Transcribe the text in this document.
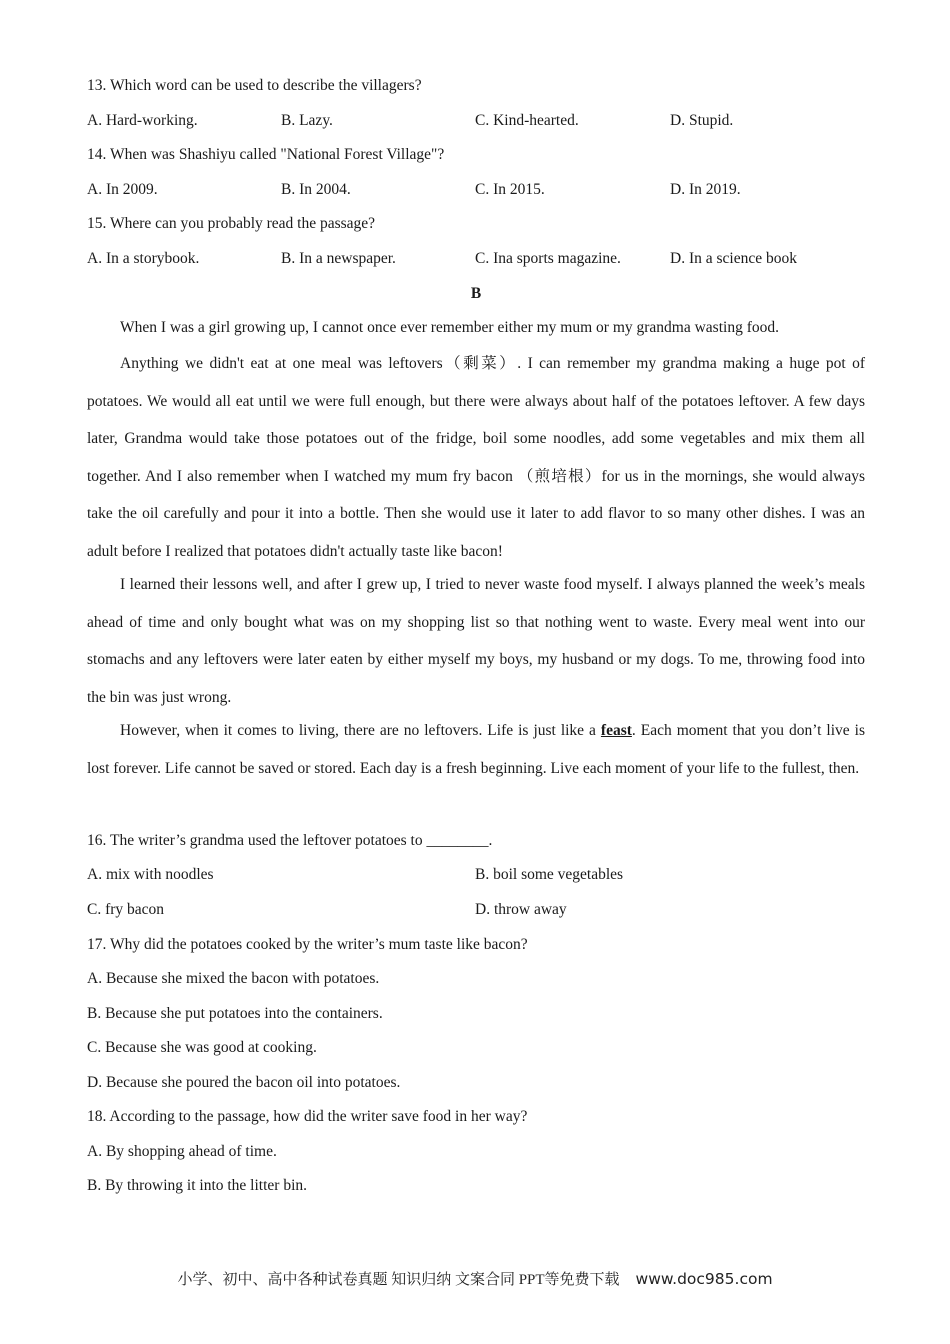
13. Which word can be used to describe the villagers?
A. Hard-working.	B. Lazy.	C. Kind-hearted.	D. Stupid.
14. When was Shashiyu called "National Forest Village"?
A. In 2009.	B. In 2004.	C. In 2015.	D. In 2019.
15. Where can you probably read the passage?
A. In a storybook.	B. In a newspaper.	C. Ina sports magazine.	D. In a science book
B
When I was a girl growing up, I cannot once ever remember either my mum or my grandma wasting food.
Anything we didn't eat at one meal was leftovers（剩菜）. I can remember my grandma making a huge pot of potatoes. We would all eat until we were full enough, but there were always about half of the potatoes leftover. A few days later, Grandma would take those potatoes out of the fridge, boil some noodles, add some vegetables and mix them all together. And I also remember when I watched my mum fry bacon （煎培根）for us in the mornings, she would always take the oil carefully and pour it into a bottle. Then she would use it later to add flavor to so many other dishes. I was an adult before I realized that potatoes didn't actually taste like bacon!
I learned their lessons well, and after I grew up, I tried to never waste food myself. I always planned the week’s meals ahead of time and only bought what was on my shopping list so that nothing went to waste. Every meal went into our stomachs and any leftovers were later eaten by either myself my boys, my husband or my dogs. To me, throwing food into the bin was just wrong.
However, when it comes to living, there are no leftovers. Life is just like a feast. Each moment that you don’t live is lost forever. Life cannot be saved or stored. Each day is a fresh beginning. Live each moment of your life to the fullest, then.
16. The writer’s grandma used the leftover potatoes to ________.
A. mix with noodles	B. boil some vegetables
C. fry bacon	D. throw away
17. Why did the potatoes cooked by the writer’s mum taste like bacon?
A. Because she mixed the bacon with potatoes.
B. Because she put potatoes into the containers.
C. Because she was good at cooking.
D. Because she poured the bacon oil into potatoes.
18. According to the passage, how did the writer save food in her way?
A. By shopping ahead of time.
B. By throwing it into the litter bin.
小学、初中、高中各种试卷真题 知识归纳 文案合同 PPT等免费下载 www.doc985.com
